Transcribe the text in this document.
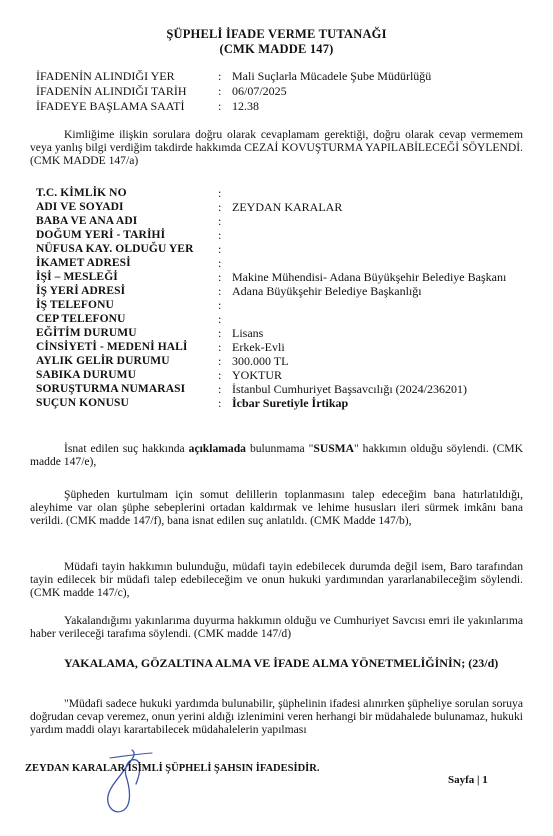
ŞÜPHELİ İFADE VERME TUTANAĞI
(CMK MADDE 147)
İFADENİN ALINDIĞI YER	: Mali Suçlarla Mücadele Şube Müdürlüğü
İFADENİN ALINDIĞI TARİH	: 06/07/2025
İFADEYE BAŞLAMA SAATİ	: 12.38
Kimliğime ilişkin sorulara doğru olarak cevaplamam gerektiği, doğru olarak cevap vermemem veya yanlış bilgi verdiğim takdirde hakkımda CEZAİ KOVUŞTURMA YAPILABİLECEĞİ SÖYLENDİ. (CMK MADDE 147/a)
T.C. KİMLİK NO	:
ADI VE SOYADI	: ZEYDAN KARALAR
BABA VE ANA ADI	:
DOĞUM YERİ - TARİHİ	:
NÜFUSA KAY. OLDUĞU YER :
İKAMET ADRESİ	:
İŞİ – MESLEĞİ	: Makine Mühendisi- Adana Büyükşehir Belediye Başkanı
İŞ YERİ ADRESİ	: Adana Büyükşehir Belediye Başkanlığı
İŞ TELEFONU	:
CEP TELEFONU	:
EĞİTİM DURUMU	: Lisans
CİNSİYETİ - MEDENİ HALİ	: Erkek-Evli
AYLIK GELİR DURUMU	: 300.000 TL
SABIKA DURUMU	: YOKTUR
SORUŞTURMA NUMARASI	: İstanbul Cumhuriyet Başsavcılığı (2024/236201)
SUÇUN KONUSU	: İcbar Suretiyle İrtikap
İsnat edilen suç hakkında açıklamada bulunmama "SUSMA" hakkımın olduğu söylendi. (CMK madde 147/e),
Şüpheden kurtulmam için somut delillerin toplanmasını talep edeceğim bana hatırlatıldığı, aleyhime var olan şüphe sebeplerini ortadan kaldırmak ve lehime hususları ileri sürmek imkânı bana verildi. (CMK madde 147/f), bana isnat edilen suç anlatıldı. (CMK Madde 147/b),
Müdafi tayin hakkımın bulunduğu, müdafi tayin edebilecek durumda değil isem, Baro tarafından tayin edilecek bir müdafi talep edebileceğim ve onun hukuki yardımından yararlanabileceğim söylendi. (CMK madde 147/c),
Yakalandığımı yakınlarıma duyurma hakkımın olduğu ve Cumhuriyet Savcısı emri ile yakınlarıma haber verileceği tarafıma söylendi. (CMK madde 147/d)
YAKALAMA, GÖZALTINA ALMA VE İFADE ALMA YÖNETMELİĞİNİN; (23/d)
"Müdafi sadece hukuki yardımda bulunabilir, şüphelinin ifadesi alınırken şüpheliye sorulan soruya doğrudan cevap veremez, onun yerini aldığı izlenimini veren herhangi bir müdahalede bulunamaz, hukuki yardım maddi olayı karartabilecek müdahalelerin yapılması
ZEYDAN KARALAR İSİMLİ ŞÜPHELİ ŞAHSIN İFADESİDİR.
Sayfa | 1
